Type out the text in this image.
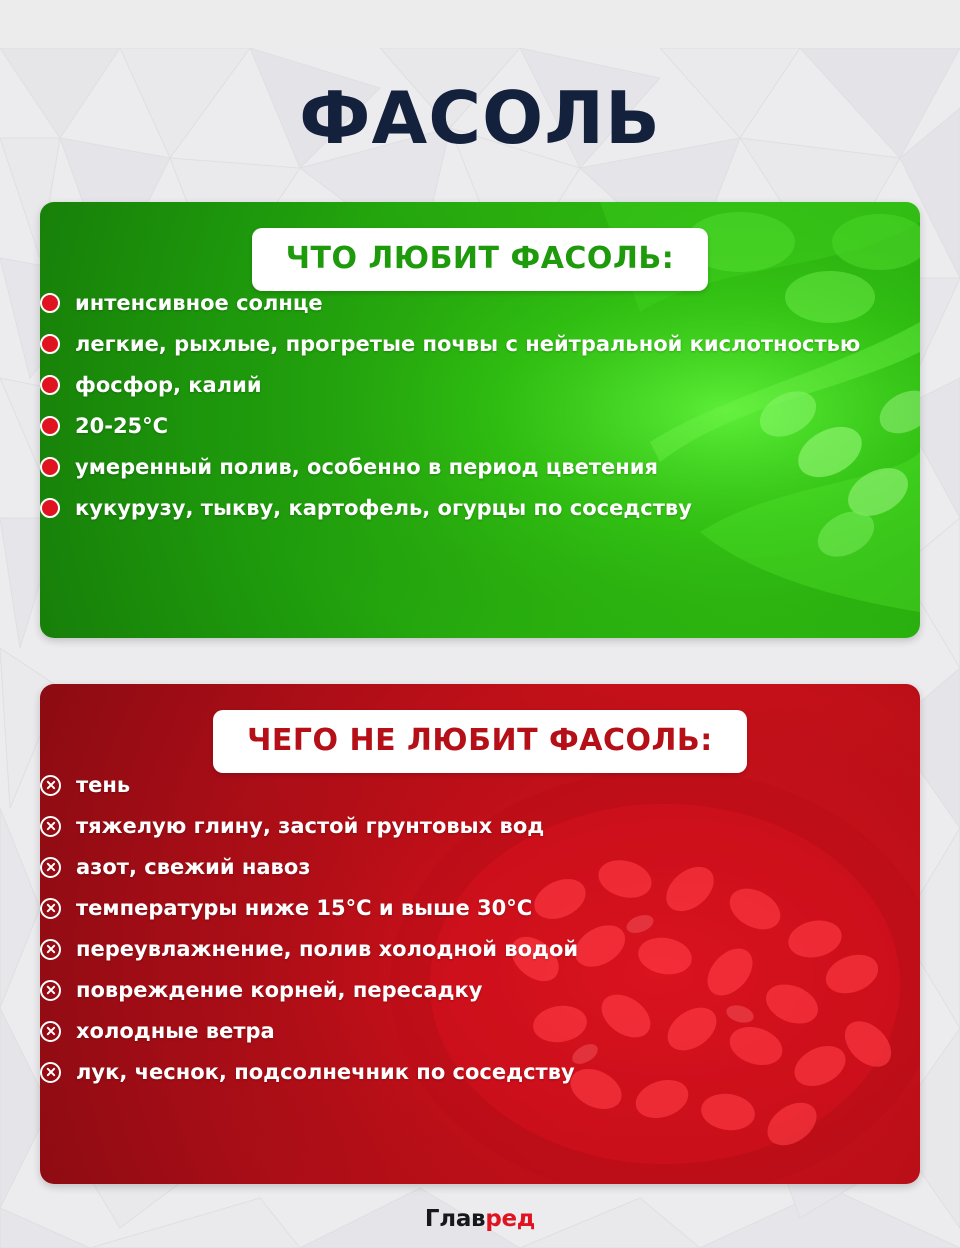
ФАСОЛЬ
ЧТО ЛЮБИТ ФАСОЛЬ:
интенсивное солнце
легкие, рыхлые, прогретые почвы с нейтральной кислотностью
фосфор, калий
20-25°C
умеренный полив, особенно в период цветения
кукурузу, тыкву, картофель, огурцы по соседству
ЧЕГО НЕ ЛЮБИТ ФАСОЛЬ:
тень
тяжелую глину, застой грунтовых вод
азот, свежий навоз
температуры ниже 15°C и выше 30°C
переувлажнение, полив холодной водой
повреждение корней, пересадку
холодные ветра
лук, чеснок, подсолнечник по соседству
Главред
